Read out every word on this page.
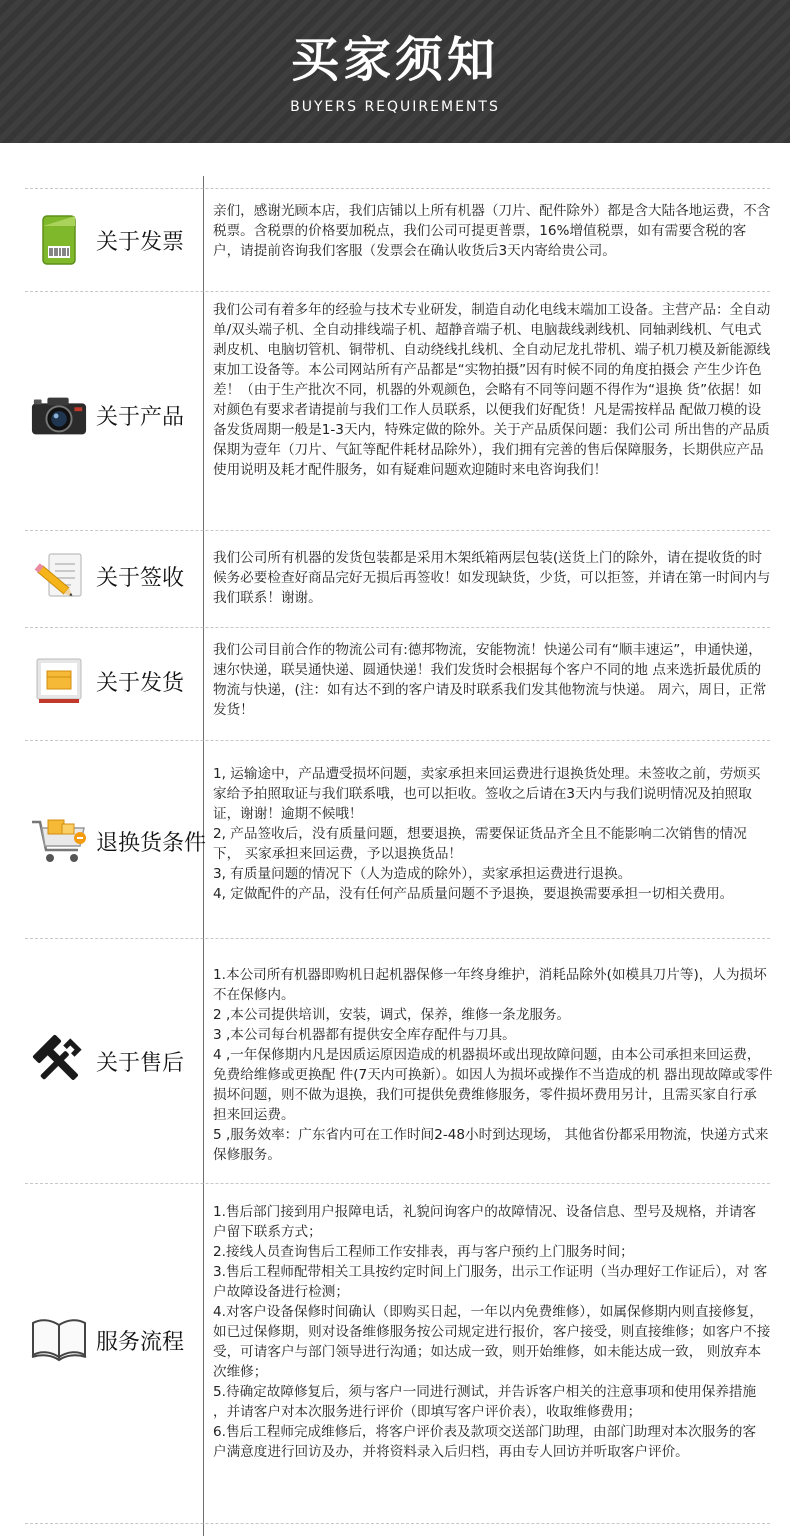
买家须知
BUYERS REQUIREMENTS
关于发票
亲们，感谢光顾本店，我们店铺以上所有机器（刀片、配件除外）都是含大陆各地运费，不含税票。含税票的价格要加税点，我们公司可提更普票，16%增值税票，如有需要含税的客户，请提前咨询我们客服（发票会在确认收货后3天内寄给贵公司。
关于产品
我们公司有着多年的经验与技术专业研发，制造自动化电线末端加工设备。主营产品：全自动单/双头端子机、全自动排线端子机、超静音端子机、电脑裁线剥线机、同轴剥线机、气电式剥皮机、电脑切管机、铜带机、自动绕线扎线机、全自动尼龙扎带机、端子机刀模及新能源线束加工设备等。本公司网站所有产品都是“实物拍摄”因有时候不同的角度拍摄会 产生少许色差！（由于生产批次不同，机器的外观颜色，会略有不同等问题不得作为“退换 货”依据！如对颜色有要求者请提前与我们工作人员联系，以便我们好配货！凡是需按样品 配做刀模的设备发货周期一般是1-3天内，特殊定做的除外。关于产品质保问题：我们公司 所出售的产品质保期为壹年（刀片、气缸等配件耗材品除外），我们拥有完善的售后保障服务，长期供应产品使用说明及耗才配件服务，如有疑难问题欢迎随时来电咨询我们！
关于签收
我们公司所有机器的发货包装都是采用木架纸箱两层包装(送货上门的除外，请在提收货的时候务必要检查好商品完好无损后再签收！如发现缺货，少货，可以拒签，并请在第一时间内与我们联系！谢谢。
关于发货
我们公司目前合作的物流公司有:德邦物流，安能物流！快递公司有“顺丰速运”，申通快递，速尔快递，联昊通快递、圆通快递！我们发货时会根据每个客户不同的地 点来选折最优质的物流与快递，(注：如有达不到的客户请及时联系我们发其他物流与快递。 周六，周日，正常发货！
退换货条件
1, 运输途中，产品遭受损坏问题，卖家承担来回运费进行退换货处理。未签收之前，劳烦买家给予拍照取证与我们联系哦，也可以拒收。签收之后请在3天内与我们说明情况及拍照取证，谢谢！逾期不候哦！
2, 产品签收后，没有质量问题，想要退换，需要保证货品齐全且不能影响二次销售的情况下， 买家承担来回运费，予以退换货品！
3, 有质量问题的情况下（人为造成的除外），卖家承担运费进行退换。
4, 定做配件的产品，没有任何产品质量问题不予退换，要退换需要承担一切相关费用。
关于售后
1.本公司所有机器即购机日起机器保修一年终身维护，消耗品除外(如模具刀片等)，人为损坏不在保修内。
2 ,本公司提供培训，安装，调式，保养，维修一条龙服务。
3 ,本公司每台机器都有提供安全库存配件与刀具。
4 ,一年保修期内凡是因质运原因造成的机器损坏或出现故障问题，由本公司承担来回运费，免费给维修或更换配 件(7天内可换新）。如因人为损坏或操作不当造成的机 器出现故障或零件损坏问题，则不做为退换，我们可提供免费维修服务，零件损坏费用另计，且需买家自行承 担来回运费。
5 ,服务效率：广东省内可在工作时间2-48小时到达现场， 其他省份都采用物流，快递方式来保修服务。
服务流程
1.售后部门接到用户报障电话，礼貌问询客户的故障情况、设备信息、型号及规格，并请客 户留下联系方式；
2.接线人员查询售后工程师工作安排表，再与客户预约上门服务时间；
3.售后工程师配带相关工具按约定时间上门服务，出示工作证明（当办理好工作证后），对 客户故障设备进行检测；
4.对客户设备保修时间确认（即购买日起，一年以内免费维修），如属保修期内则直接修复， 如已过保修期，则对设备维修服务按公司规定进行报价，客户接受，则直接维修；如客户不接受，可请客户与部门领导进行沟通；如达成一致，则开始维修，如未能达成一致， 则放弃本次维修；
5.待确定故障修复后，须与客户一同进行测试，并告诉客户相关的注意事项和使用保养措施 ，并请客户对本次服务进行评价（即填写客户评价表），收取维修费用；
6.售后工程师完成维修后，将客户评价表及款项交送部门助理，由部门助理对本次服务的客 户满意度进行回访及办，并将资料录入后归档，再由专人回访并听取客户评价。
